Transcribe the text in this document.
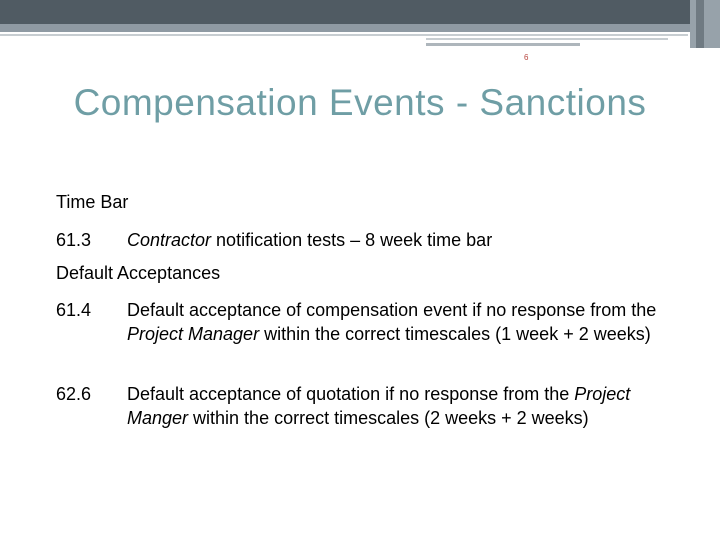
6
Compensation Events - Sanctions
Time Bar
61.3 Contractor notification tests – 8 week time bar
Default Acceptances
61.4 Default acceptance of compensation event if no response from the Project Manager within the correct timescales (1 week + 2 weeks)
62.6 Default acceptance of quotation if no response from the Project Manger within the correct timescales (2 weeks + 2 weeks)
